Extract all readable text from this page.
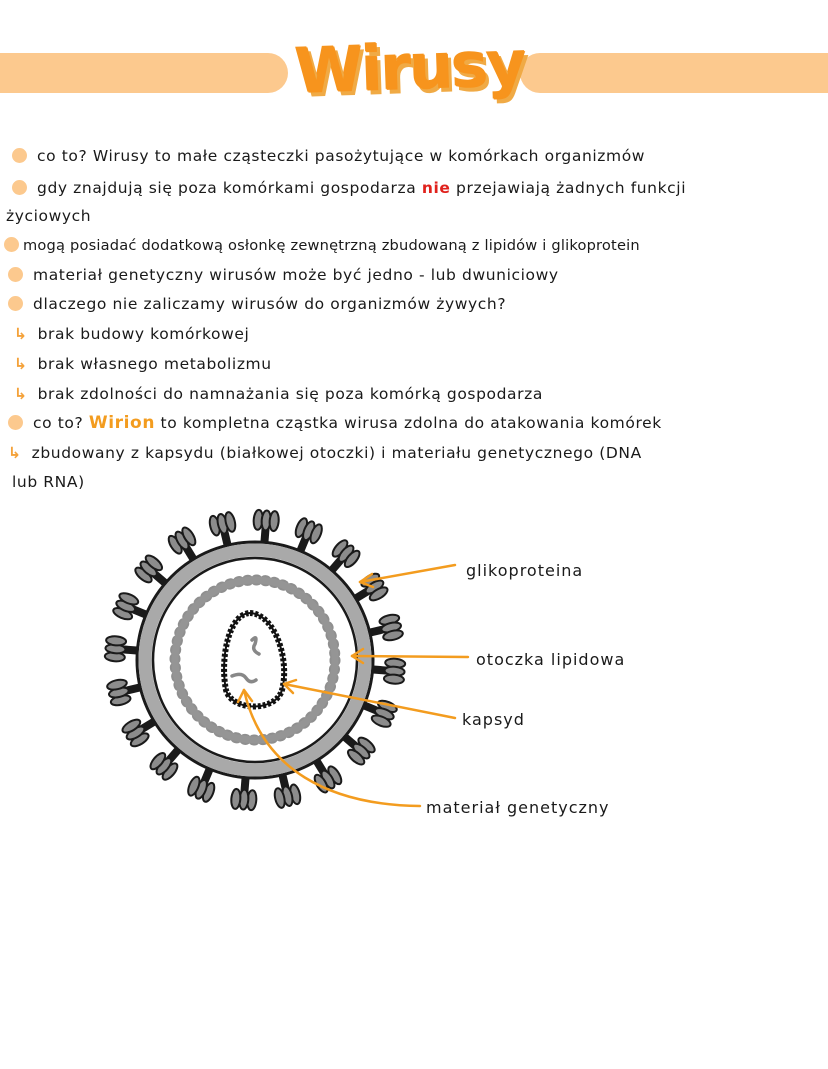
Wirusy
co to? Wirusy to małe cząsteczki pasożytujące w komórkach organizmów
gdy znajdują się poza komórkami gospodarza nie przejawiają żadnych funkcji
życiowych
mogą posiadać dodatkową osłonkę zewnętrzną zbudowaną z lipidów i glikoprotein
materiał genetyczny wirusów może być jedno - lub dwuniciowy
dlaczego nie zaliczamy wirusów do organizmów żywych?
↳ brak budowy komórkowej
↳ brak własnego metabolizmu
↳ brak zdolności do namnażania się poza komórką gospodarza
co to? Wirion to kompletna cząstka wirusa zdolna do atakowania komórek
↳ zbudowany z kapsydu (białkowej otoczki) i materiału genetycznego (DNA
lub RNA)
glikoproteina
otoczka lipidowa
kapsyd
materiał genetyczny
